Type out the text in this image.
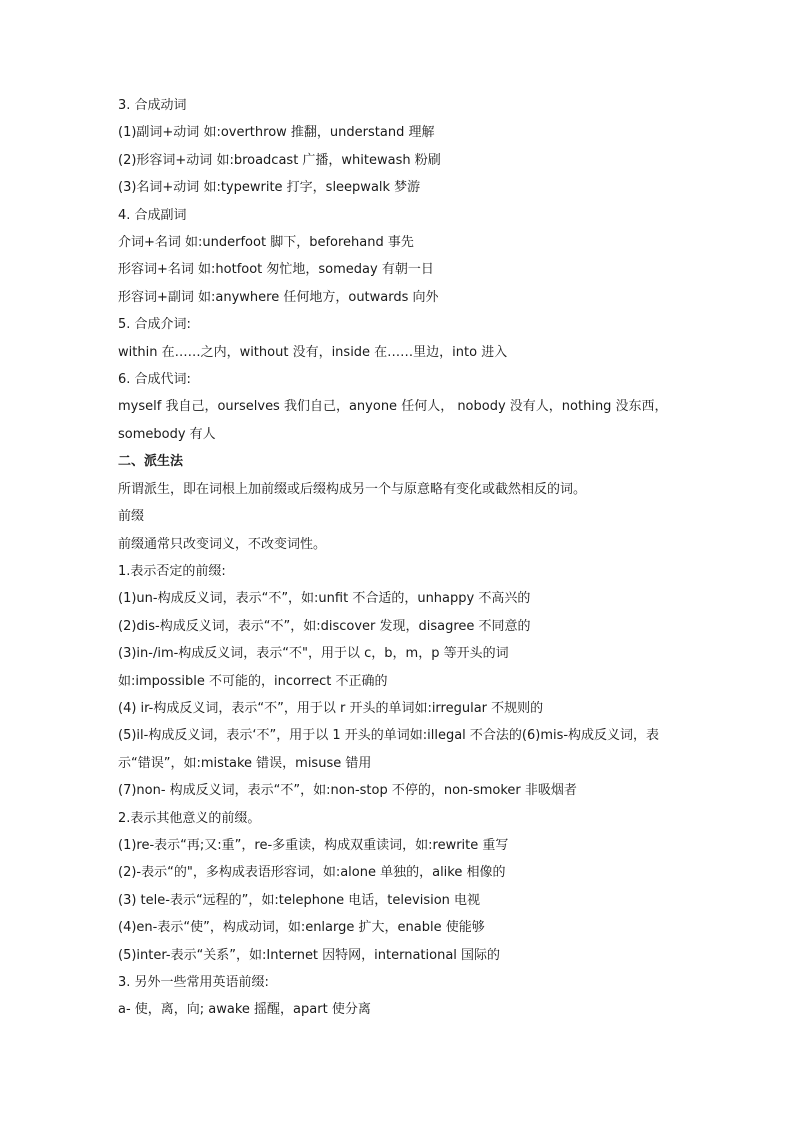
3. 合成动词
(1)副词+动词 如:overthrow 推翻，understand 理解
(2)形容词+动词 如:broadcast 广播，whitewash 粉刷
(3)名词+动词 如:typewrite 打字，sleepwalk 梦游
4. 合成副词
介词+名词 如:underfoot 脚下，beforehand 事先
形容词+名词 如:hotfoot 匆忙地，someday 有朝一日
形容词+副词 如:anywhere 任何地方，outwards 向外
5. 合成介词:
within 在……之内，without 没有，inside 在……里边，into 进入
6. 合成代词:
myself 我自己，ourselves 我们自己，anyone 任何人， nobody 没有人，nothing 没东西，
somebody 有人
二、派生法
所谓派生，即在词根上加前缀或后缀构成另一个与原意略有变化或截然相反的词。
前缀
前缀通常只改变词义，不改变词性。
1.表示否定的前缀:
(1)un-构成反义词，表示“不”，如:unfit 不合适的，unhappy 不高兴的
(2)dis-构成反义词，表示“不”，如:discover 发现，disagree 不同意的
(3)in-/im-构成反义词，表示“不"，用于以 c，b，m，p 等开头的词
如:impossible 不可能的，incorrect 不正确的
(4) ir-构成反义词，表示“不”，用于以 r 开头的单词如:irregular 不规则的
(5)il-构成反义词，表示‘不”，用于以 1 开头的单词如:illegal 不合法的(6)mis-构成反义词，表
示“错误”，如:mistake 错误，misuse 错用
(7)non- 构成反义词，表示“不”，如:non-stop 不停的，non-smoker 非吸烟者
2.表示其他意义的前缀。
(1)re-表示“再;又:重”，re-多重读，构成双重读词，如:rewrite 重写
(2)-表示“的"，多构成表语形容词，如:alone 单独的，alike 相像的
(3) tele-表示“远程的”，如:telephone 电话，television 电视
(4)en-表示“使”，构成动词，如:enlarge 扩大，enable 使能够
(5)inter-表示“关系”，如:Internet 因特网，international 国际的
3. 另外一些常用英语前缀:
a- 使，离，向; awake 摇醒，apart 使分离
